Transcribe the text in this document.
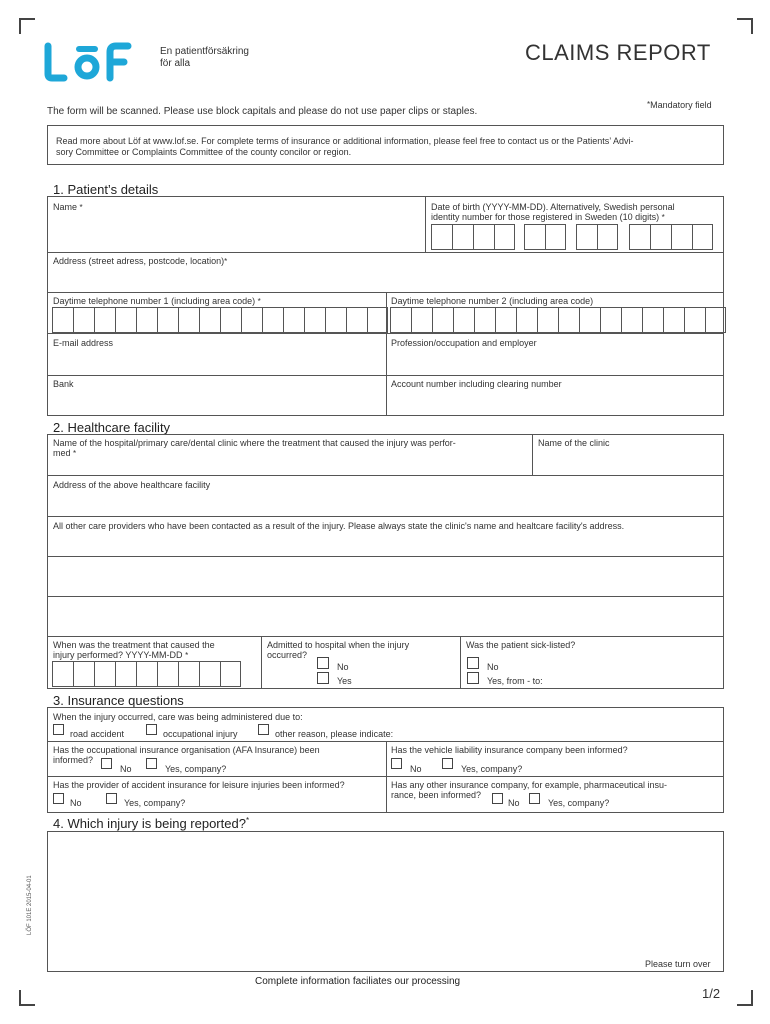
En patientförsäkring
för alla	CLAIMS REPORT
The form will be scanned. Please use block capitals and please do not use paper clips or staples.
*Mandatory field
Read more about Löf at www.lof.se. For complete terms of insurance or additional information, please feel free to contact us or the Patients’ Advi-
sory Committee or Complaints Committee of the county concilor or region.
1. Patient’s details
Name *	Date of birth (YYYY-MM-DD). Alternatively, Swedish personal
identity number for those registered in Sweden (10 digits) *
Address (street adress, postcode, location)*
Daytime telephone number 1 (including area code) *	Daytime telephone number 2 (including area code)
E-mail address	Profession/occupation and employer
Bank	Account number including clearing number
2. Healthcare facility
Name of the hospital/primary care/dental clinic where the treatment that caused the injury was perfor-
med *
Name of the clinic
Address of the above healthcare facility
All other care providers who have been contacted as a result of the injury. Please always state the clinic's name and healtcare facility's address.
When was the treatment that caused the
injury performed? YYYY-MM-DD *
Admitted to hospital when the injury
occurred?
No
Yes
Was the patient sick-listed?
No
Yes, from - to:
3. Insurance questions
When the injury occurred, care was being administered due to:
road accident	occupational injury	other reason, please indicate:
Has the occupational insurance organisation (AFA Insurance) been
informed?
No	Yes, company?
Has the vehicle liability insurance company been informed?
No	Yes, company?
Has the provider of accident insurance for leisure injuries been informed?
No	Yes, company?
Has any other insurance company, for example, pharmaceutical insu-
rance, been informed?
No	Yes, company?
4. Which injury is being reported?*
Please turn over
LÖF 101E 2015-04-01
Complete information faciliates our processing
1/2
